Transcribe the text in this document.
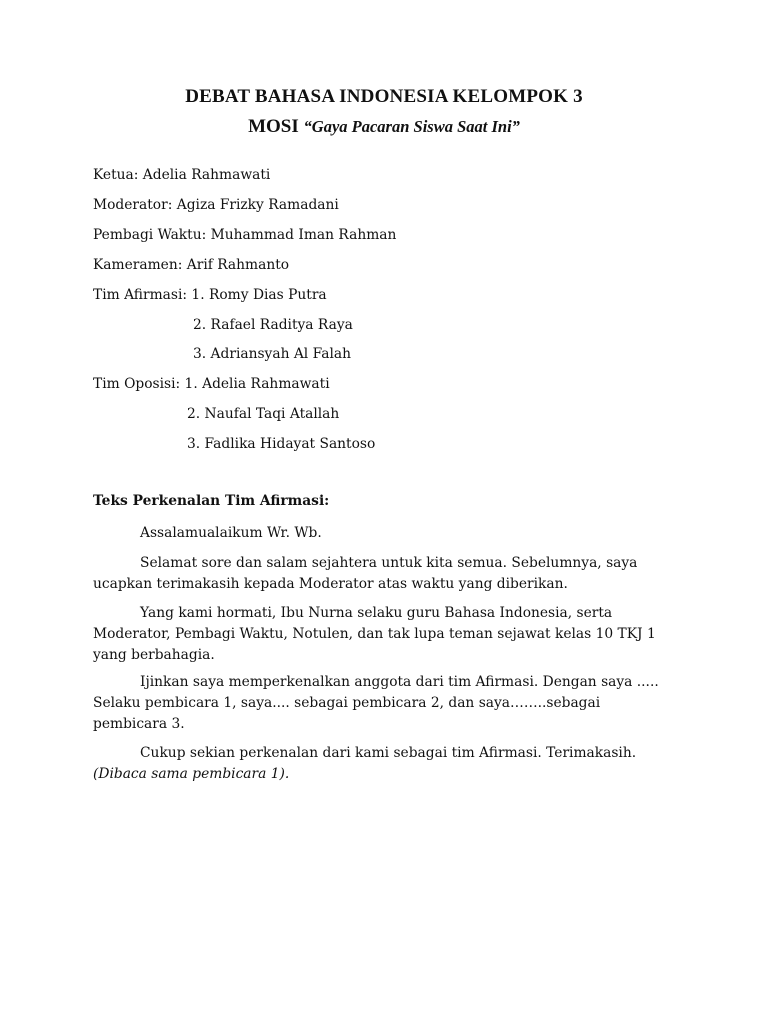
DEBAT BAHASA INDONESIA KELOMPOK 3
MOSI “Gaya Pacaran Siswa Saat Ini”
Ketua: Adelia Rahmawati
Moderator: Agiza Frizky Ramadani
Pembagi Waktu: Muhammad Iman Rahman
Kameramen: Arif Rahmanto
Tim Afirmasi: 1. Romy Dias Putra
2. Rafael Raditya Raya
3. Adriansyah Al Falah
Tim Oposisi: 1. Adelia Rahmawati
2. Naufal Taqi Atallah
3. Fadlika Hidayat Santoso
Teks Perkenalan Tim Afirmasi:
Assalamualaikum Wr. Wb.
Selamat sore dan salam sejahtera untuk kita semua. Sebelumnya, saya ucapkan terimakasih kepada Moderator atas waktu yang diberikan.
Yang kami hormati, Ibu Nurna selaku guru Bahasa Indonesia, serta Moderator, Pembagi Waktu, Notulen, dan tak lupa teman sejawat kelas 10 TKJ 1 yang berbahagia.
Ijinkan saya memperkenalkan anggota dari tim Afirmasi. Dengan saya ..... Selaku pembicara 1, saya.... sebagai pembicara 2, dan saya……..sebagai pembicara 3.
Cukup sekian perkenalan dari kami sebagai tim Afirmasi. Terimakasih. (Dibaca sama pembicara 1).
